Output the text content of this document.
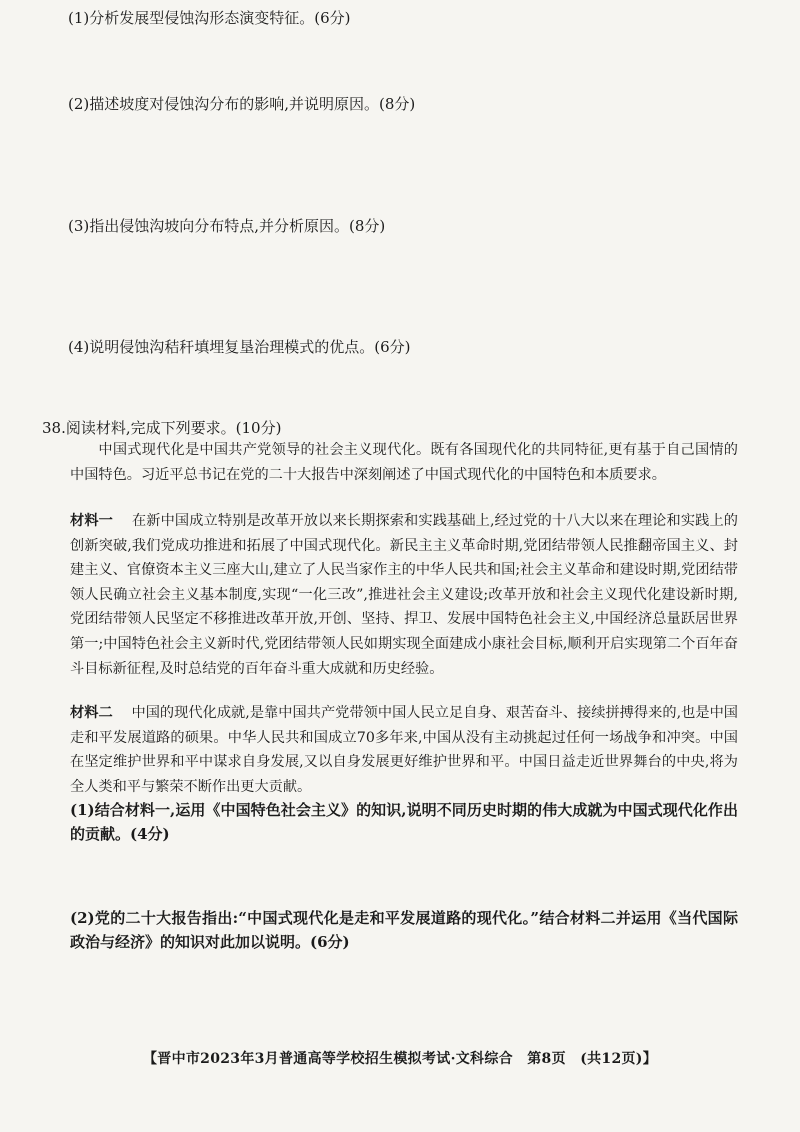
(1)分析发展型侵蚀沟形态演变特征。(6分)
(2)描述坡度对侵蚀沟分布的影响,并说明原因。(8分)
(3)指出侵蚀沟坡向分布特点,并分析原因。(8分)
(4)说明侵蚀沟秸秆填埋复垦治理模式的优点。(6分)
38.阅读材料,完成下列要求。(10分)
中国式现代化是中国共产党领导的社会主义现代化。既有各国现代化的共同特征,更有基于自己国情的中国特色。习近平总书记在党的二十大报告中深刻阐述了中国式现代化的中国特色和本质要求。
材料一　 在新中国成立特别是改革开放以来长期探索和实践基础上,经过党的十八大以来在理论和实践上的创新突破,我们党成功推进和拓展了中国式现代化。新民主主义革命时期,党团结带领人民推翻帝国主义、封建主义、官僚资本主义三座大山,建立了人民当家作主的中华人民共和国;社会主义革命和建设时期,党团结带领人民确立社会主义基本制度,实现“一化三改”,推进社会主义建设;改革开放和社会主义现代化建设新时期,党团结带领人民坚定不移推进改革开放,开创、坚持、捍卫、发展中国特色社会主义,中国经济总量跃居世界第一;中国特色社会主义新时代,党团结带领人民如期实现全面建成小康社会目标,顺利开启实现第二个百年奋斗目标新征程,及时总结党的百年奋斗重大成就和历史经验。
材料二　 中国的现代化成就,是靠中国共产党带领中国人民立足自身、艰苦奋斗、接续拼搏得来的,也是中国走和平发展道路的硕果。中华人民共和国成立70多年来,中国从没有主动挑起过任何一场战争和冲突。中国在坚定维护世界和平中谋求自身发展,又以自身发展更好维护世界和平。中国日益走近世界舞台的中央,将为全人类和平与繁荣不断作出更大贡献。
(1)结合材料一,运用《中国特色社会主义》的知识,说明不同历史时期的伟大成就为中国式现代化作出的贡献。(4分)
(2)党的二十大报告指出:“中国式现代化是走和平发展道路的现代化。”结合材料二并运用《当代国际政治与经济》的知识对此加以说明。(6分)
【晋中市2023年3月普通高等学校招生模拟考试·文科综合　第8页　(共12页)】
